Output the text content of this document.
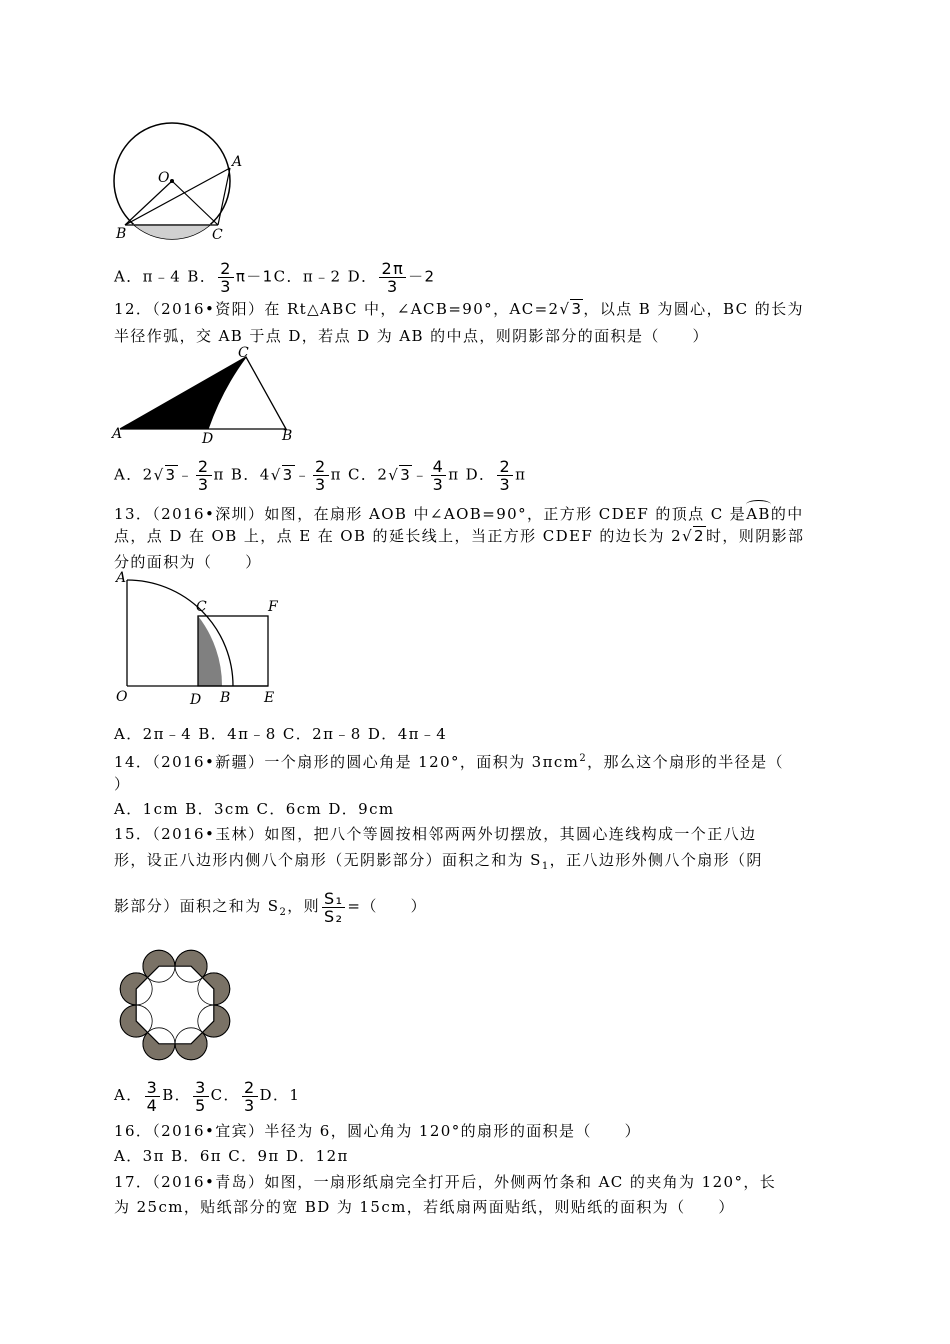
O
A
B	C
A．π﹣4 B． $\frac{2}{3} \pi-1C$．π﹣2 D． $\frac{2\pi}{3} -2$
12．（2016•资阳）在 Rt△ABC 中，∠ACB=90°，AC=2√3，以点 B 为圆心，BC 的长为
半径作弧，交 AB 于点 D，若点 D 为 AB 的中点，则阴影部分的面积是（　　）
A
C
D	B
A．2√3﹣ $\frac{2}{3}$ π B．4√3﹣ $\frac{2}{3}$ π C．2√3﹣ $\frac{4}{3}$ π D． $\frac{2}{3}$ π
13．（2016•深圳）如图，在扇形 AOB 中∠AOB=90°，正方形 CDEF 的顶点 C 是AB的中
点，点 D 在 OB 上，点 E 在 OB 的延长线上，当正方形 CDEF 的边长为 2√2时，则阴影部
分的面积为（　　）
A
C	F
O	D B E
A．2π﹣4 B．4π﹣8 C．2π﹣8 D．4π﹣4
14．（2016•新疆）一个扇形的圆心角是 120°，面积为 3πcm$^2$，那么这个扇形的半径是（
）
A．1cm B．3cm C．6cm D．9cm
15．（2016•玉林）如图，把八个等圆按相邻两两外切摆放，其圆心连线构成一个正八边
形，设正八边形内侧八个扇形（无阴影部分）面积之和为 $S_1$，正八边形外侧八个扇形（阴
影部分）面积之和为 $S_2$，则 $\frac{\text{S₁}}{\text{S₂}}$ =（　　）
A． $\frac{3}{4}$ B． $\frac{3}{5}$ C． $\frac{2}{3}$ D．1
16．（2016•宜宾）半径为 6，圆心角为 120°的扇形的面积是（　　）
A．3π B．6π C．9π D．12π
17．（2016•青岛）如图，一扇形纸扇完全打开后，外侧两竹条和 AC 的夹角为 120°，长
为 25cm，贴纸部分的宽 BD 为 15cm，若纸扇两面贴纸，则贴纸的面积为（　　）
